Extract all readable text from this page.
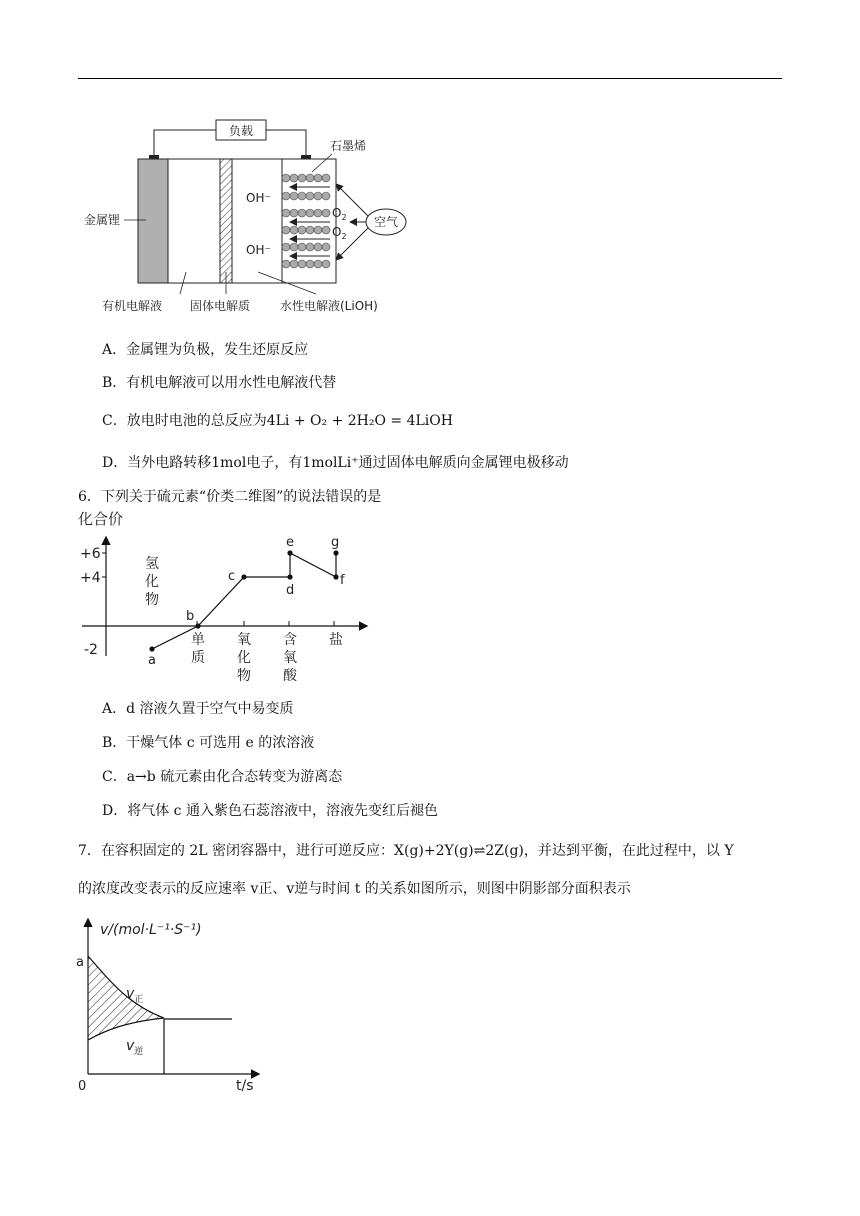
负载
$O_2$
$O_2$
OH⁻
OH⁻
空气
石墨烯
金属锂
有机电解液 固体电解质 水性电解液(LiOH)
A．金属锂为负极，发生还原反应
B．有机电解液可以用水性电解液代替
C．放电时电池的总反应为4Li + O₂ + 2H₂O = 4LiOH
D．当外电路转移1mol电子，有1molLi⁺通过固体电解质向金属锂电极移动
6．下列关于硫元素“价类二维图”的说法错误的是
化合价
+6
+4
-2
氢化物
单质
氧化物
含氧酸
盐
a
b
c
d
e
f
g
A．d 溶液久置于空气中易变质
B．干燥气体 c 可选用 e 的浓溶液
C．a→b 硫元素由化合态转变为游离态
D．将气体 c 通入紫色石蕊溶液中，溶液先变红后褪色
7．在容积固定的 2L 密闭容器中，进行可逆反应：X(g)+2Y(g)⇌2Z(g)，并达到平衡，在此过程中，以 Y
的浓度改变表示的反应速率 v正、v逆与时间 t 的关系如图所示，则图中阴影部分面积表示
v/(mol·L⁻¹·S⁻¹)
a
$v_正$
$v_逆$
0	t/s
